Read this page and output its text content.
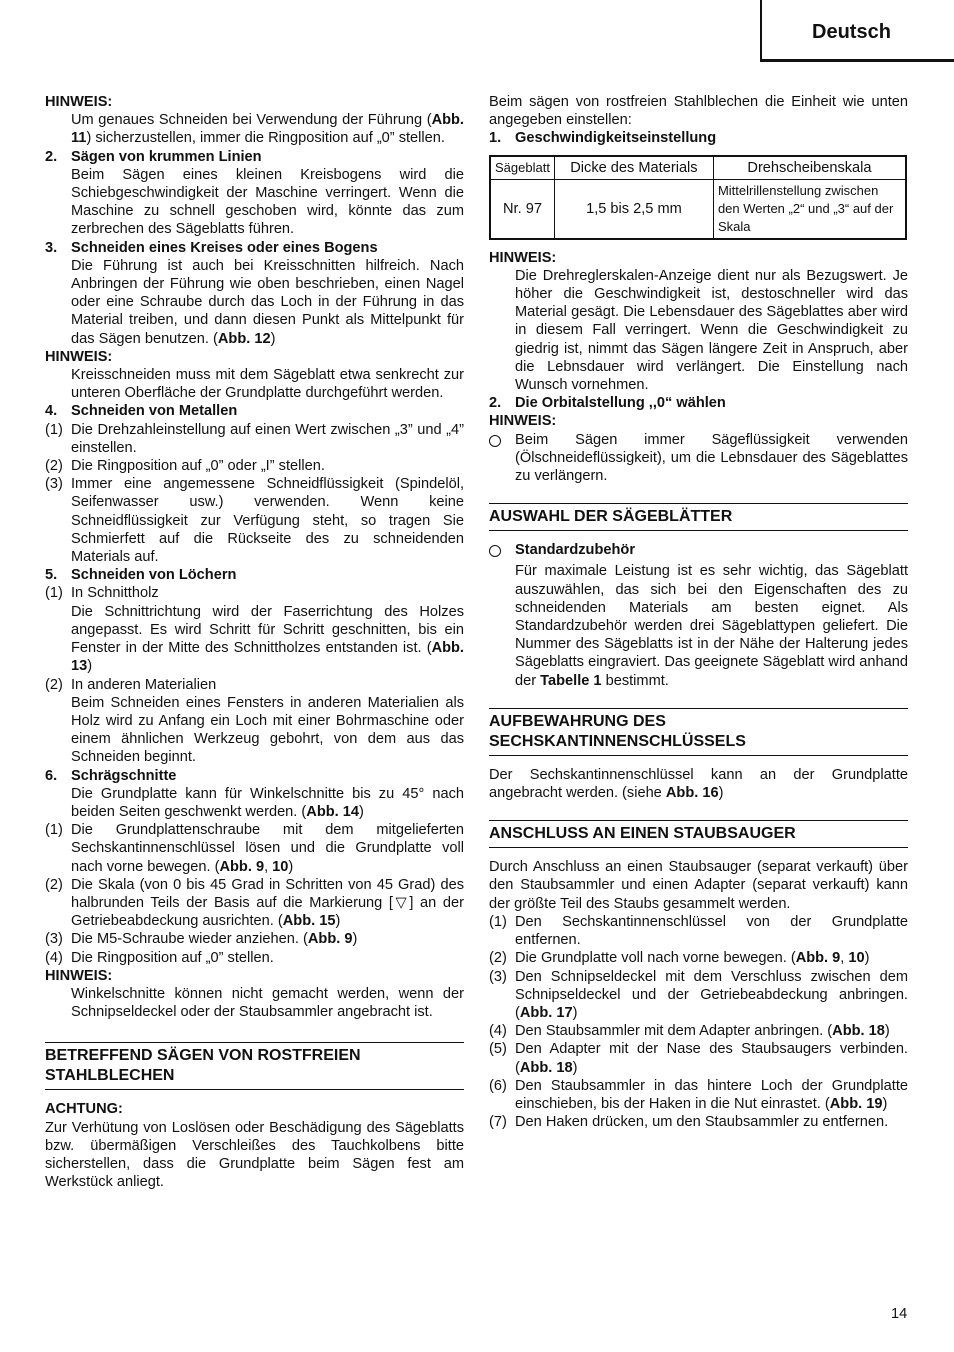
Deutsch

HINWEIS:

Um genaues Schneiden bei Verwendung der Führung (Abb. 11) sicherzustellen, immer die Ringposition auf „0” stellen.

2. Sägen von krummen Linien

Beim Sägen eines kleinen Kreisbogens wird die Schiebgeschwindigkeit der Maschine verringert. Wenn die Maschine zu schnell geschoben wird, könnte das zum zerbrechen des Sägeblatts führen.

3. Schneiden eines Kreises oder eines Bogens

Die Führung ist auch bei Kreisschnitten hilfreich. Nach Anbringen der Führung wie oben beschrieben, einen Nagel oder eine Schraube durch das Loch in der Führung in das Material treiben, und dann diesen Punkt als Mittelpunkt für das Sägen benutzen. (Abb. 12)

HINWEIS:

Kreisschneiden muss mit dem Sägeblatt etwa senkrecht zur unteren Oberfläche der Grundplatte durchgeführt werden.

4. Schneiden von Metallen
(1) Die Drehzahleinstellung auf einen Wert zwischen „3” und „4” einstellen.
(2) Die Ringposition auf „0” oder „I” stellen.
(3) Immer eine angemessene Schneidflüssigkeit (Spindelöl, Seifenwasser usw.) verwenden. Wenn keine Schneidflüssigkeit zur Verfügung steht, so tragen Sie Schmierfett auf die Rückseite des zu schneidenden Materials auf.
5. Schneiden von Löchern
(1) In Schnittholz
Die Schnittrichtung wird der Faserrichtung des Holzes angepasst. Es wird Schritt für Schritt geschnitten, bis ein Fenster in der Mitte des Schnittholzes entstanden ist. (Abb. 13)
(2) In anderen Materialien
Beim Schneiden eines Fensters in anderen Materialien als Holz wird zu Anfang ein Loch mit einer Bohrmaschine oder einem ähnlichen Werkzeug gebohrt, von dem aus das Schneiden beginnt.
6. Schrägschnitte

Die Grundplatte kann für Winkelschnitte bis zu 45° nach beiden Seiten geschwenkt werden. (Abb. 14)

(1) Die Grundplattenschraube mit dem mitgelieferten Sechskantinnenschlüssel lösen und die Grundplatte voll nach vorne bewegen. (Abb. 9, 10)
(2) Die Skala (von 0 bis 45 Grad in Schritten von 45 Grad) des halbrunden Teils der Basis auf die Markierung [▽] an der Getriebeabdeckung ausrichten. (Abb. 15)
(3) Die M5-Schraube wieder anziehen. (Abb. 9)
(4) Die Ringposition auf „0” stellen.

HINWEIS:

Winkelschnitte können nicht gemacht werden, wenn der Schnipseldeckel oder der Staubsammler angebracht ist.

BETREFFEND SÄGEN VON ROSTFREIEN STAHLBLECHEN

ACHTUNG:

Zur Verhütung von Loslösen oder Beschädigung des Sägeblatts bzw. übermäßigen Verschleißes des Tauchkolbens bitte sicherstellen, dass die Grundplatte beim Sägen fest am Werkstück anliegt.

Beim sägen von rostfreien Stahlblechen die Einheit wie unten angegeben einstellen:

1. Geschwindigkeitseinstellung
Sägeblatt	Dicke des Materials	Drehscheibenskala
Nr. 97	1,5 bis 2,5 mm	Mittelrillenstellung zwischen den Werten „2“ und „3“ auf der Skala

HINWEIS:

Die Drehreglerskalen-Anzeige dient nur als Bezugswert. Je höher die Geschwindigkeit ist, destoschneller wird das Material gesägt. Die Lebensdauer des Sägeblattes aber wird in diesem Fall verringert. Wenn die Geschwindigkeit zu giedrig ist, nimmt das Sägen längere Zeit in Anspruch, aber die Lebnsdauer wird verlängert. Die Einstellung nach Wunsch vornehmen.

2. Die Orbitalstellung ,,0“ wählen

HINWEIS:

Beim Sägen immer Sägeflüssigkeit verwenden (Ölschneideflüssigkeit), um die Lebnsdauer des Sägeblattes zu verlängern.

AUSWAHL DER SÄGEBLÄTTER

Standardzubehör

Für maximale Leistung ist es sehr wichtig, das Sägeblatt auszuwählen, das sich bei den Eigenschaften des zu schneidenden Materials am besten eignet. Als Standardzubehör werden drei Sägeblattypen geliefert. Die Nummer des Sägeblatts ist in der Nähe der Halterung jedes Sägeblatts eingraviert. Das geeignete Sägeblatt wird anhand der Tabelle 1 bestimmt.

AUFBEWAHRUNG DES SECHSKANTINNENSCHLÜSSELS

Der Sechskantinnenschlüssel kann an der Grundplatte angebracht werden. (siehe Abb. 16)

ANSCHLUSS AN EINEN STAUBSAUGER

Durch Anschluss an einen Staubsauger (separat verkauft) über den Staubsammler und einen Adapter (separat verkauft) kann der größte Teil des Staubs gesammelt werden.

(1) Den Sechskantinnenschlüssel von der Grundplatte entfernen.
(2) Die Grundplatte voll nach vorne bewegen. (Abb. 9, 10)
(3) Den Schnipseldeckel mit dem Verschluss zwischen dem Schnipseldeckel und der Getriebeabdeckung anbringen. (Abb. 17)
(4) Den Staubsammler mit dem Adapter anbringen. (Abb. 18)
(5) Den Adapter mit der Nase des Staubsaugers verbinden. (Abb. 18)
(6) Den Staubsammler in das hintere Loch der Grundplatte einschieben, bis der Haken in die Nut einrastet. (Abb. 19)
(7) Den Haken drücken, um den Staubsammler zu entfernen.
14
